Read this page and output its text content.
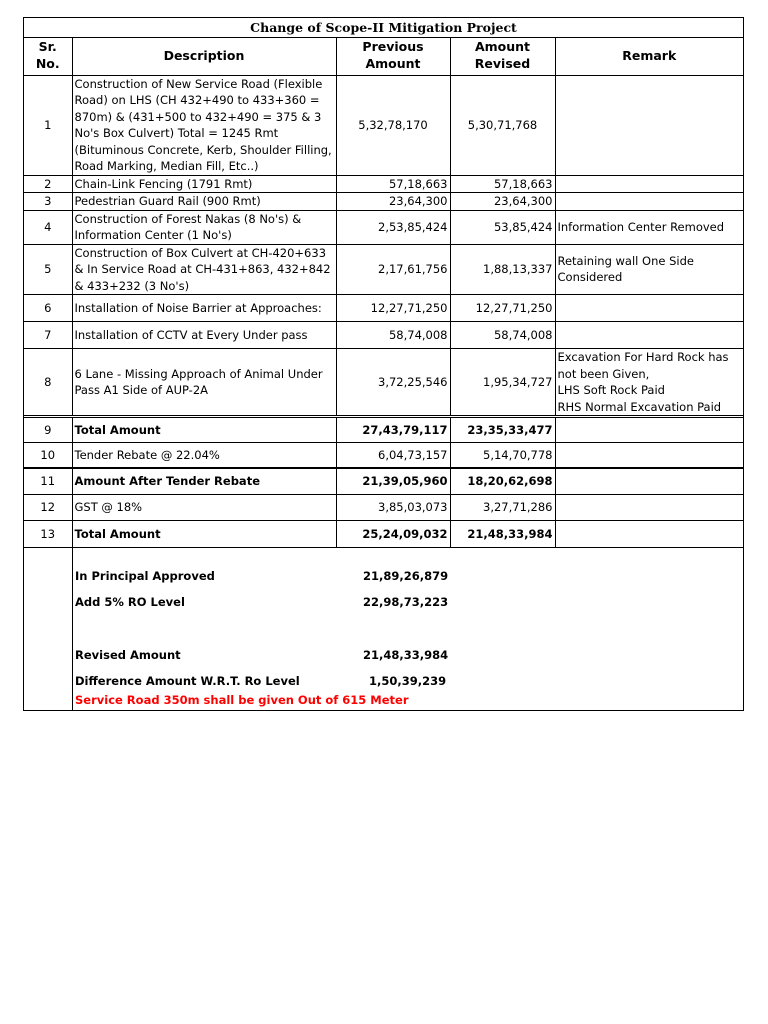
Change of Scope-II Mitigation Project
Sr. No.	Description	Previous Amount	Amount Revised	Remark
1	Construction of New Service Road (Flexible Road) on LHS (CH 432+490 to 433+360 = 870m) & (431+500 to 432+490 = 375 & 3 No's Box Culvert) Total = 1245 Rmt (Bituminous Concrete, Kerb, Shoulder Filling, Road Marking, Median Fill, Etc..)	5,32,78,170	5,30,71,768	
2	Chain-Link Fencing (1791 Rmt)	57,18,663	57,18,663	
3	Pedestrian Guard Rail (900 Rmt)	23,64,300	23,64,300	
4	Construction of Forest Nakas (8 No's) & Information Center (1 No's)	2,53,85,424	53,85,424	Information Center Removed
5	Construction of Box Culvert at CH-420+633 & In Service Road at CH-431+863, 432+842 & 433+232 (3 No's)	2,17,61,756	1,88,13,337	Retaining wall One Side Considered
6	Installation of Noise Barrier at Approaches:	12,27,71,250	12,27,71,250	
7	Installation of CCTV at Every Under pass	58,74,008	58,74,008	
8	6 Lane - Missing Approach of Animal Under Pass A1 Side of AUP-2A	3,72,25,546	1,95,34,727	Excavation For Hard Rock has not been Given,
LHS Soft Rock Paid
RHS Normal Excavation Paid
9	Total Amount	27,43,79,117	23,35,33,477	
10	Tender Rebate @ 22.04%	6,04,73,157	5,14,70,778	
11	Amount After Tender Rebate	21,39,05,960	18,20,62,698	
12	GST @ 18%	3,85,03,073	3,27,71,286	
13	Total Amount	25,24,09,032	21,48,33,984	
In Principal Approved	21,89,26,879
Add 5% RO Level	22,98,73,223
Revised Amount	21,48,33,984
Difference Amount W.R.T. Ro Level	1,50,39,239
Service Road 350m shall be given Out of 615 Meter
